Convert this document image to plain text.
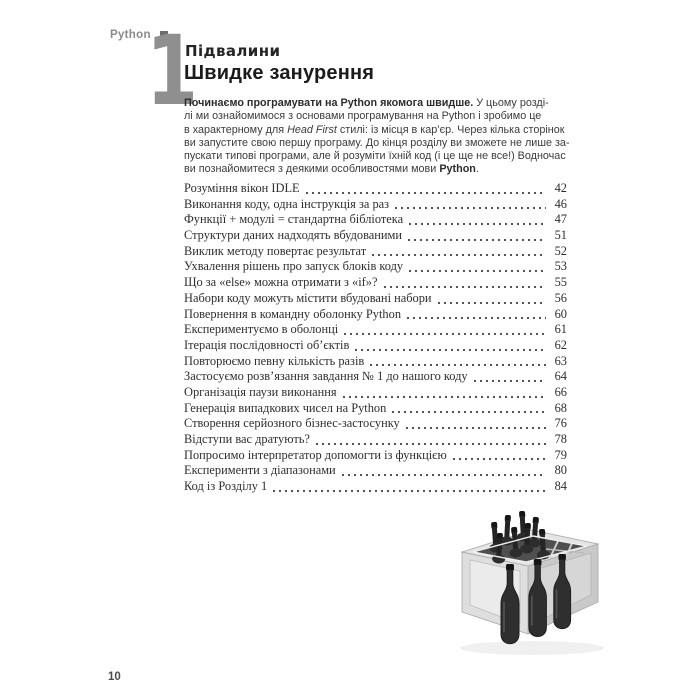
Python
1
Підвалини
Швидке занурення
Починаємо програмувати на Python якомога швидше. У цьому розді-
лі ми ознайомимося з основами програмування на Python і зробимо це
в характерному для Head First стилі: із місця в кар’єр. Через кілька сторінок
ви запустите свою першу програму. До кінця розділу ви зможете не лише за-
пускати типові програми, але й розуміти їхній код (і це ще не все!) Водночас
ви познайомитеся з деякими особливостями мови Python.
Розуміння вікон IDLE	42
Виконання коду, одна інструкція за раз	46
Функції + модулі = стандартна бібліотека	47
Структури даних надходять вбудованими	51
Виклик методу повертає результат	52
Ухвалення рішень про запуск блоків коду	53
Що за «else» можна отримати з «if»?	55
Набори коду можуть містити вбудовані набори	56
Повернення в командну оболонку Python	60
Експериментуємо в оболонці	61
Ітерація послідовності об’єктів	62
Повторюємо певну кількість разів	63
Застосуємо розв’язання завдання № 1 до нашого коду	64
Організація паузи виконання	66
Генерація випадкових чисел на Python	68
Створення серйозного бізнес-застосунку	76
Відступи вас дратують?	78
Попросимо інтерпретатор допомогти із функцією	79
Експерименти з діапазонами	80
Код із Розділу 1	84
10
